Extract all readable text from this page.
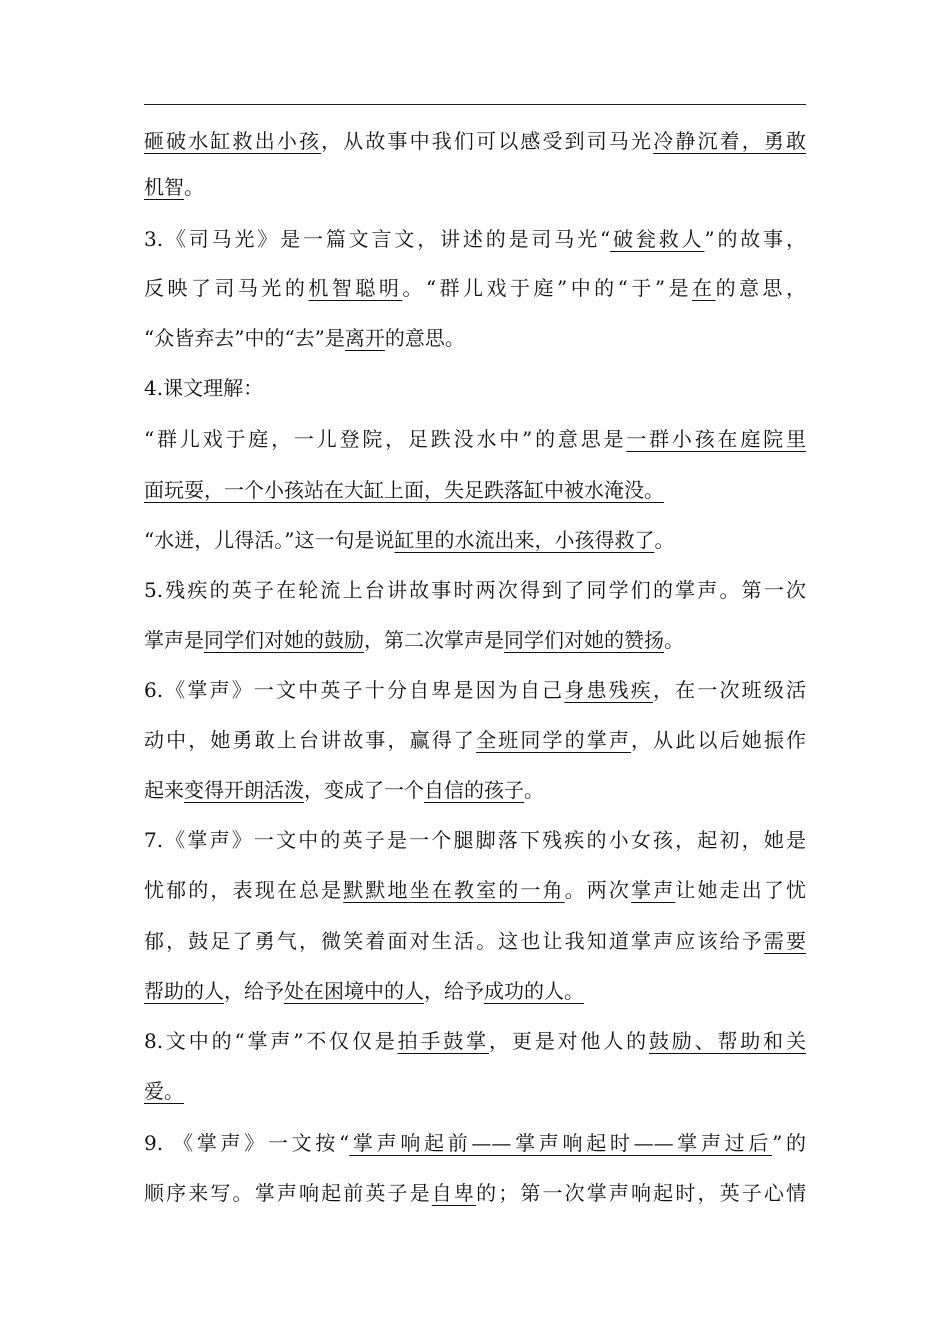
砸破水缸救出小孩，从故事中我们可以感受到司马光冷静沉着，勇敢
机智。
3.《司马光》是一篇文言文，讲述的是司马光“破瓮救人”的故事，
反映了司马光的机智聪明。“群儿戏于庭”中的“于”是在的意思，
“众皆弃去”中的“去”是离开的意思。
4.课文理解：
“群儿戏于庭，一儿登院，足跌没水中”的意思是一群小孩在庭院里
面玩耍，一个小孩站在大缸上面，失足跌落缸中被水淹没。
“水迸，儿得活。”这一句是说缸里的水流出来，小孩得救了。
5.残疾的英子在轮流上台讲故事时两次得到了同学们的掌声。第一次
掌声是同学们对她的鼓励，第二次掌声是同学们对她的赞扬。
6.《掌声》一文中英子十分自卑是因为自己身患残疾，在一次班级活
动中，她勇敢上台讲故事，赢得了全班同学的掌声，从此以后她振作
起来变得开朗活泼，变成了一个自信的孩子。
7.《掌声》一文中的英子是一个腿脚落下残疾的小女孩，起初，她是
忧郁的，表现在总是默默地坐在教室的一角。两次掌声让她走出了忧
郁，鼓足了勇气，微笑着面对生活。这也让我知道掌声应该给予需要
帮助的人，给予处在困境中的人，给予成功的人。
8.文中的“掌声”不仅仅是拍手鼓掌，更是对他人的鼓励、帮助和关
爱。
9. 《掌声》一文按“掌声响起前——掌声响起时——掌声过后”的
顺序来写。掌声响起前英子是自卑的；第一次掌声响起时，英子心情
